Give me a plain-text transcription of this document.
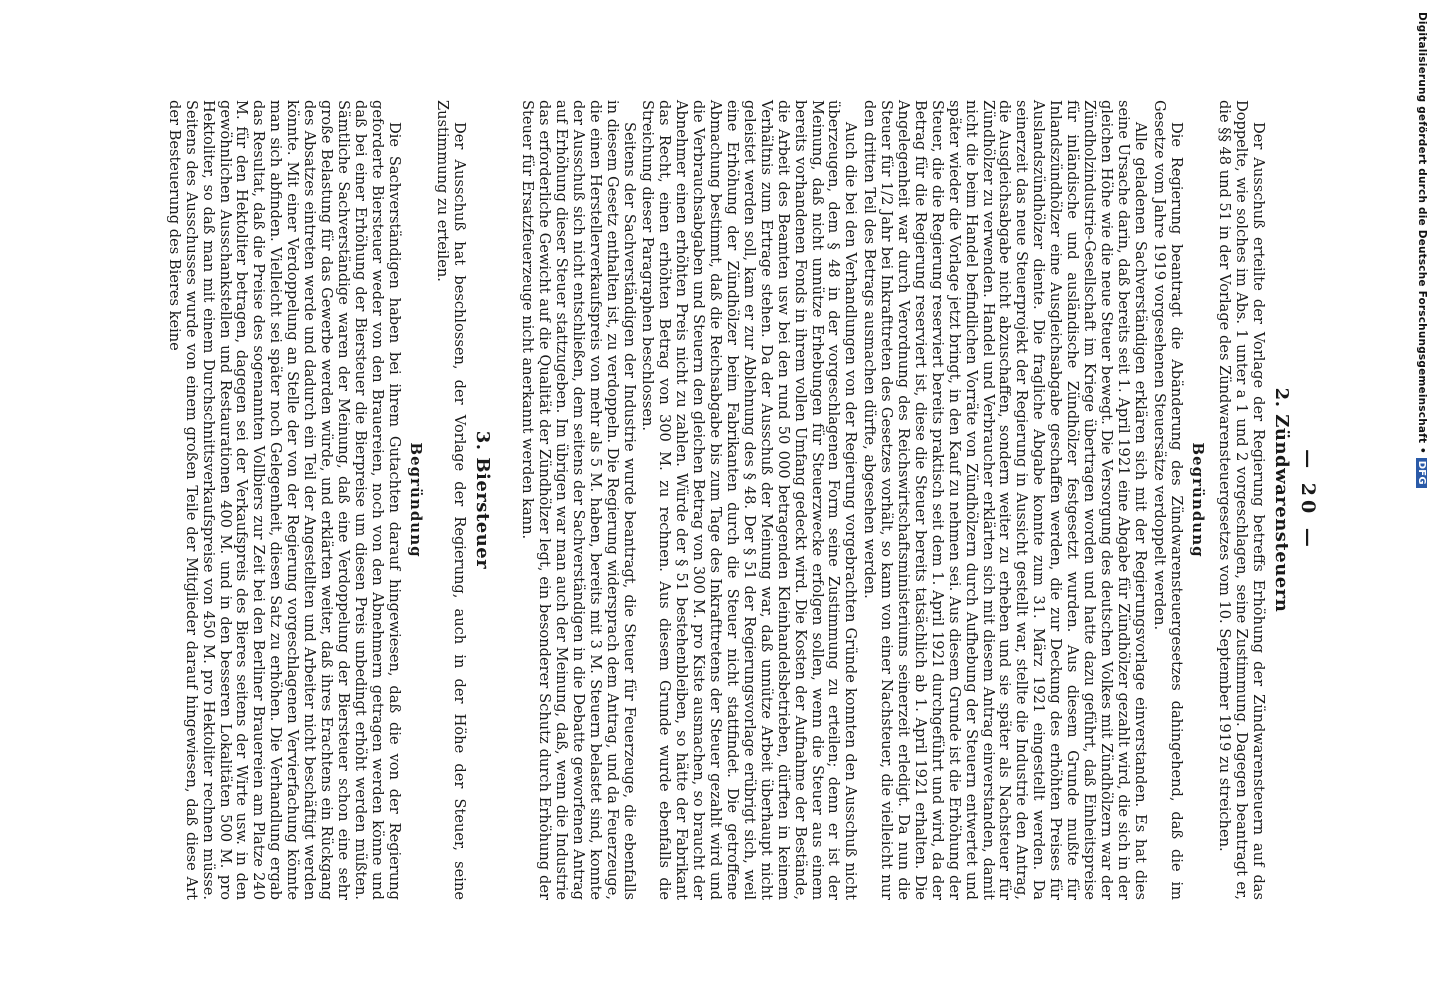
— 20 —
2. Zündwarensteuern

Der Ausschuß erteilte der Vorlage der Regierung betreffs Erhöhung der Zündwarensteuern auf das Doppelte, wie solches im Abs. 1 unter a 1 und 2 vorgeschlagen, seine Zustimmung. Dagegen beantragt er, die §§ 48 und 51 in der Vorlage des Zündwarensteuergesetzes vom 10. September 1919 zu streichen.

Begründung

Die Regierung beantragt die Abänderung des Zündwarensteuergesetzes dahingehend, daß die im Gesetze vom Jahre 1919 vorgesehenen Steuersätze verdoppelt werden.

Alle geladenen Sachverständigen erklären sich mit der Regierungsvorlage einverstanden. Es hat dies seine Ursache darin, daß bereits seit 1. April 1921 eine Abgabe für Zündhölzer gezahlt wird, die sich in der gleichen Höhe wie die neue Steuer bewegt. Die Versorgung des deutschen Volkes mit Zündhölzern war der Zündholzindustrie-Gesellschaft im Kriege übertragen worden und hatte dazu geführt, daß Einheitspreise für inländische und ausländische Zündhölzer festgesetzt wurden. Aus diesem Grunde mußte für Inlandszündhölzer eine Ausgleichsabgabe geschaffen werden, die zur Deckung des erhöhten Preises für Auslandszündhölzer diente. Die fragliche Abgabe konnte zum 31. März 1921 eingestellt werden. Da seinerzeit das neue Steuerprojekt der Regierung in Aussicht gestellt war, stellte die Industrie den Antrag, die Ausgleichsabgabe nicht abzuschaffen, sondern weiter zu erheben und sie später als Nachsteuer für Zündhölzer zu verwenden. Handel und Verbraucher erklärten sich mit diesem Antrag einverstanden, damit nicht die beim Handel befindlichen Vorräte von Zündhölzern durch Aufhebung der Steuern entwertet und später wieder die Vorlage jetzt bringt, in den Kauf zu nehmen sei. Aus diesem Grunde ist die Erhöhung der Steuer, die die Regierung reserviert bereits praktisch seit dem 1. April 1921 durchgeführt und wird, da der Betrag für die Regierung reserviert ist, diese die Steuer bereits tatsächlich ab 1. April 1921 erhalten. Die Angelegenheit war durch Verordnung des Reichswirtschaftsministeriums seinerzeit erledigt. Da nun die Steuer für 1/2 Jahr bei Inkrafttreten des Gesetzes vorhält, so kann von einer Nachsteuer, die vielleicht nur den dritten Teil des Betrags ausmachen dürfte, abgesehen werden.

Auch die bei den Verhandlungen von der Regierung vorgebrachten Gründe konnten den Ausschuß nicht überzeugen, dem § 48 in der vorgeschlagenen Form seine Zustimmung zu erteilen; denn er ist der Meinung, daß nicht unnütze Erhebungen für Steuerzwecke erfolgen sollen, wenn die Steuer aus einem bereits vorhandenen Fonds in ihrem vollen Umfang gedeckt wird. Die Kosten der Aufnahme der Bestände, die Arbeit des Beamten usw bei den rund 50 000 betragenden Kleinhandelsbetrieben, dürften in keinem Verhältnis zum Ertrage stehen. Da der Ausschuß der Meinung war, daß unnütze Arbeit überhaupt nicht geleistet werden soll, kam er zur Ablehnung des § 48. Der § 51 der Regierungsvorlage erübrigt sich, weil eine Erhöhung der Zündhölzer beim Fabrikanten durch die Steuer nicht stattfindet. Die getroffene Abmachung bestimmt, daß die Reichsabgabe bis zum Tage des Inkrafttretens der Steuer gezahlt wird und die Verbrauchsabgaben und Steuern den gleichen Betrag von 300 M. pro Kiste ausmachen, so braucht der Abnehmer einen erhöhten Preis nicht zu zahlen. Würde der § 51 bestehenbleiben, so hätte der Fabrikant das Recht, einen erhöhten Betrag von 300 M. zu rechnen. Aus diesem Grunde wurde ebenfalls die Streichung dieser Paragraphen beschlossen.

Seitens der Sachverständigen der Industrie wurde beantragt, die Steuer für Feuerzeuge, die ebenfalls in diesem Gesetz enthalten ist, zu verdoppeln. Die Regierung widersprach dem Antrag, und da Feuerzeuge, die einen Herstellerverkaufspreis von mehr als 5 M. haben, bereits mit 3 M. Steuern belastet sind, konnte der Ausschuß sich nicht entschließen, dem seitens der Sachverständigen in die Debatte geworfenen Antrag auf Erhöhung dieser Steuer stattzugeben. Im übrigen war man auch der Meinung, daß, wenn die Industrie das erforderliche Gewicht auf die Qualität der Zündhölzer legt, ein besonderer Schutz durch Erhöhung der Steuer für Ersatzfeuerzeuge nicht anerkannt werden kann.

3. Biersteuer

Der Ausschuß hat beschlossen, der Vorlage der Regierung, auch in der Höhe der Steuer, seine Zustimmung zu erteilen.

Begründung

Die Sachverständigen haben bei ihrem Gutachten darauf hingewiesen, daß die von der Regierung geforderte Biersteuer weder von den Brauereien, noch von den Abnehmern getragen werden könne und daß bei einer Erhöhung der Biersteuer die Bierpreise um diesen Preis unbedingt erhöht werden müßten. Sämtliche Sachverständige waren der Meinung, daß eine Verdoppelung der Biersteuer schon eine sehr große Belastung für das Gewerbe werden würde, und erklärten weiter, daß ihres Erachtens ein Rückgang des Absatzes eintreten werde und dadurch ein Teil der Angestellten und Arbeiter nicht beschäftigt werden könnte. Mit einer Verdoppelung an Stelle der von der Regierung vorgeschlagenen Vervierfachung könnte man sich abfinden. Vielleicht sei später noch Gelegenheit, diesen Satz zu erhöhen. Die Verhandlung ergab das Resultat, daß die Preise des sogenannten Vollbiers zur Zeit bei den Berliner Brauereien am Platze 240 M. für den Hektoliter betragen, dagegen sei der Verkaufspreis des Bieres seitens der Wirte usw. in den gewöhnlichen Ausschankstellen und Restaurationen 400 M. und in den besseren Lokalitäten 500 M. pro Hektoliter, so daß man mit einem Durchschnittsverkaufspreise von 450 M. pro Hektoliter rechnen müsse. Seitens des Ausschusses wurde von einem großen Teile der Mitglieder darauf hingewiesen, daß diese Art der Besteuerung des Bieres keine	Digitalisierung gefördert durch die Deutsche Forschungsgemeinschaft • DFG
